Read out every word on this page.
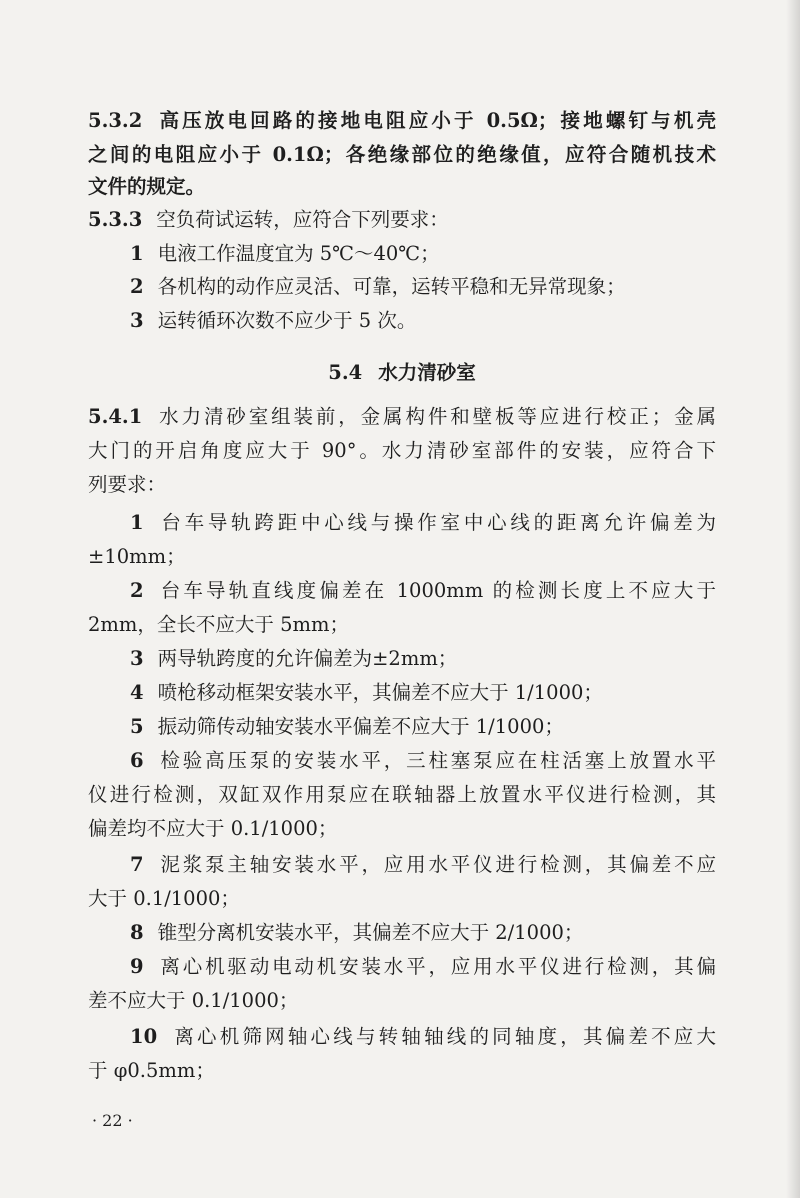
5.3.2 高压放电回路的接地电阻应小于 0.5Ω；接地螺钉与机壳
之间的电阻应小于 0.1Ω；各绝缘部位的绝缘值，应符合随机技术
文件的规定。
5.3.3 空负荷试运转，应符合下列要求：
1 电液工作温度宜为 5℃～40℃；
2 各机构的动作应灵活、可靠，运转平稳和无异常现象；
3 运转循环次数不应少于 5 次。
5.4 水力清砂室
5.4.1 水力清砂室组装前，金属构件和壁板等应进行校正；金属
大门的开启角度应大于 90°。水力清砂室部件的安装，应符合下
列要求：
1 台车导轨跨距中心线与操作室中心线的距离允许偏差为
±10mm；
2 台车导轨直线度偏差在 1000mm 的检测长度上不应大于
2mm，全长不应大于 5mm；
3 两导轨跨度的允许偏差为±2mm；
4 喷枪移动框架安装水平，其偏差不应大于 1/1000；
5 振动筛传动轴安装水平偏差不应大于 1/1000；
6 检验高压泵的安装水平，三柱塞泵应在柱活塞上放置水平
仪进行检测，双缸双作用泵应在联轴器上放置水平仪进行检测，其
偏差均不应大于 0.1/1000；
7 泥浆泵主轴安装水平，应用水平仪进行检测，其偏差不应
大于 0.1/1000；
8 锥型分离机安装水平，其偏差不应大于 2/1000；
9 离心机驱动电动机安装水平，应用水平仪进行检测，其偏
差不应大于 0.1/1000；
10 离心机筛网轴心线与转轴轴线的同轴度，其偏差不应大
于 φ0.5mm；
· 22 ·
